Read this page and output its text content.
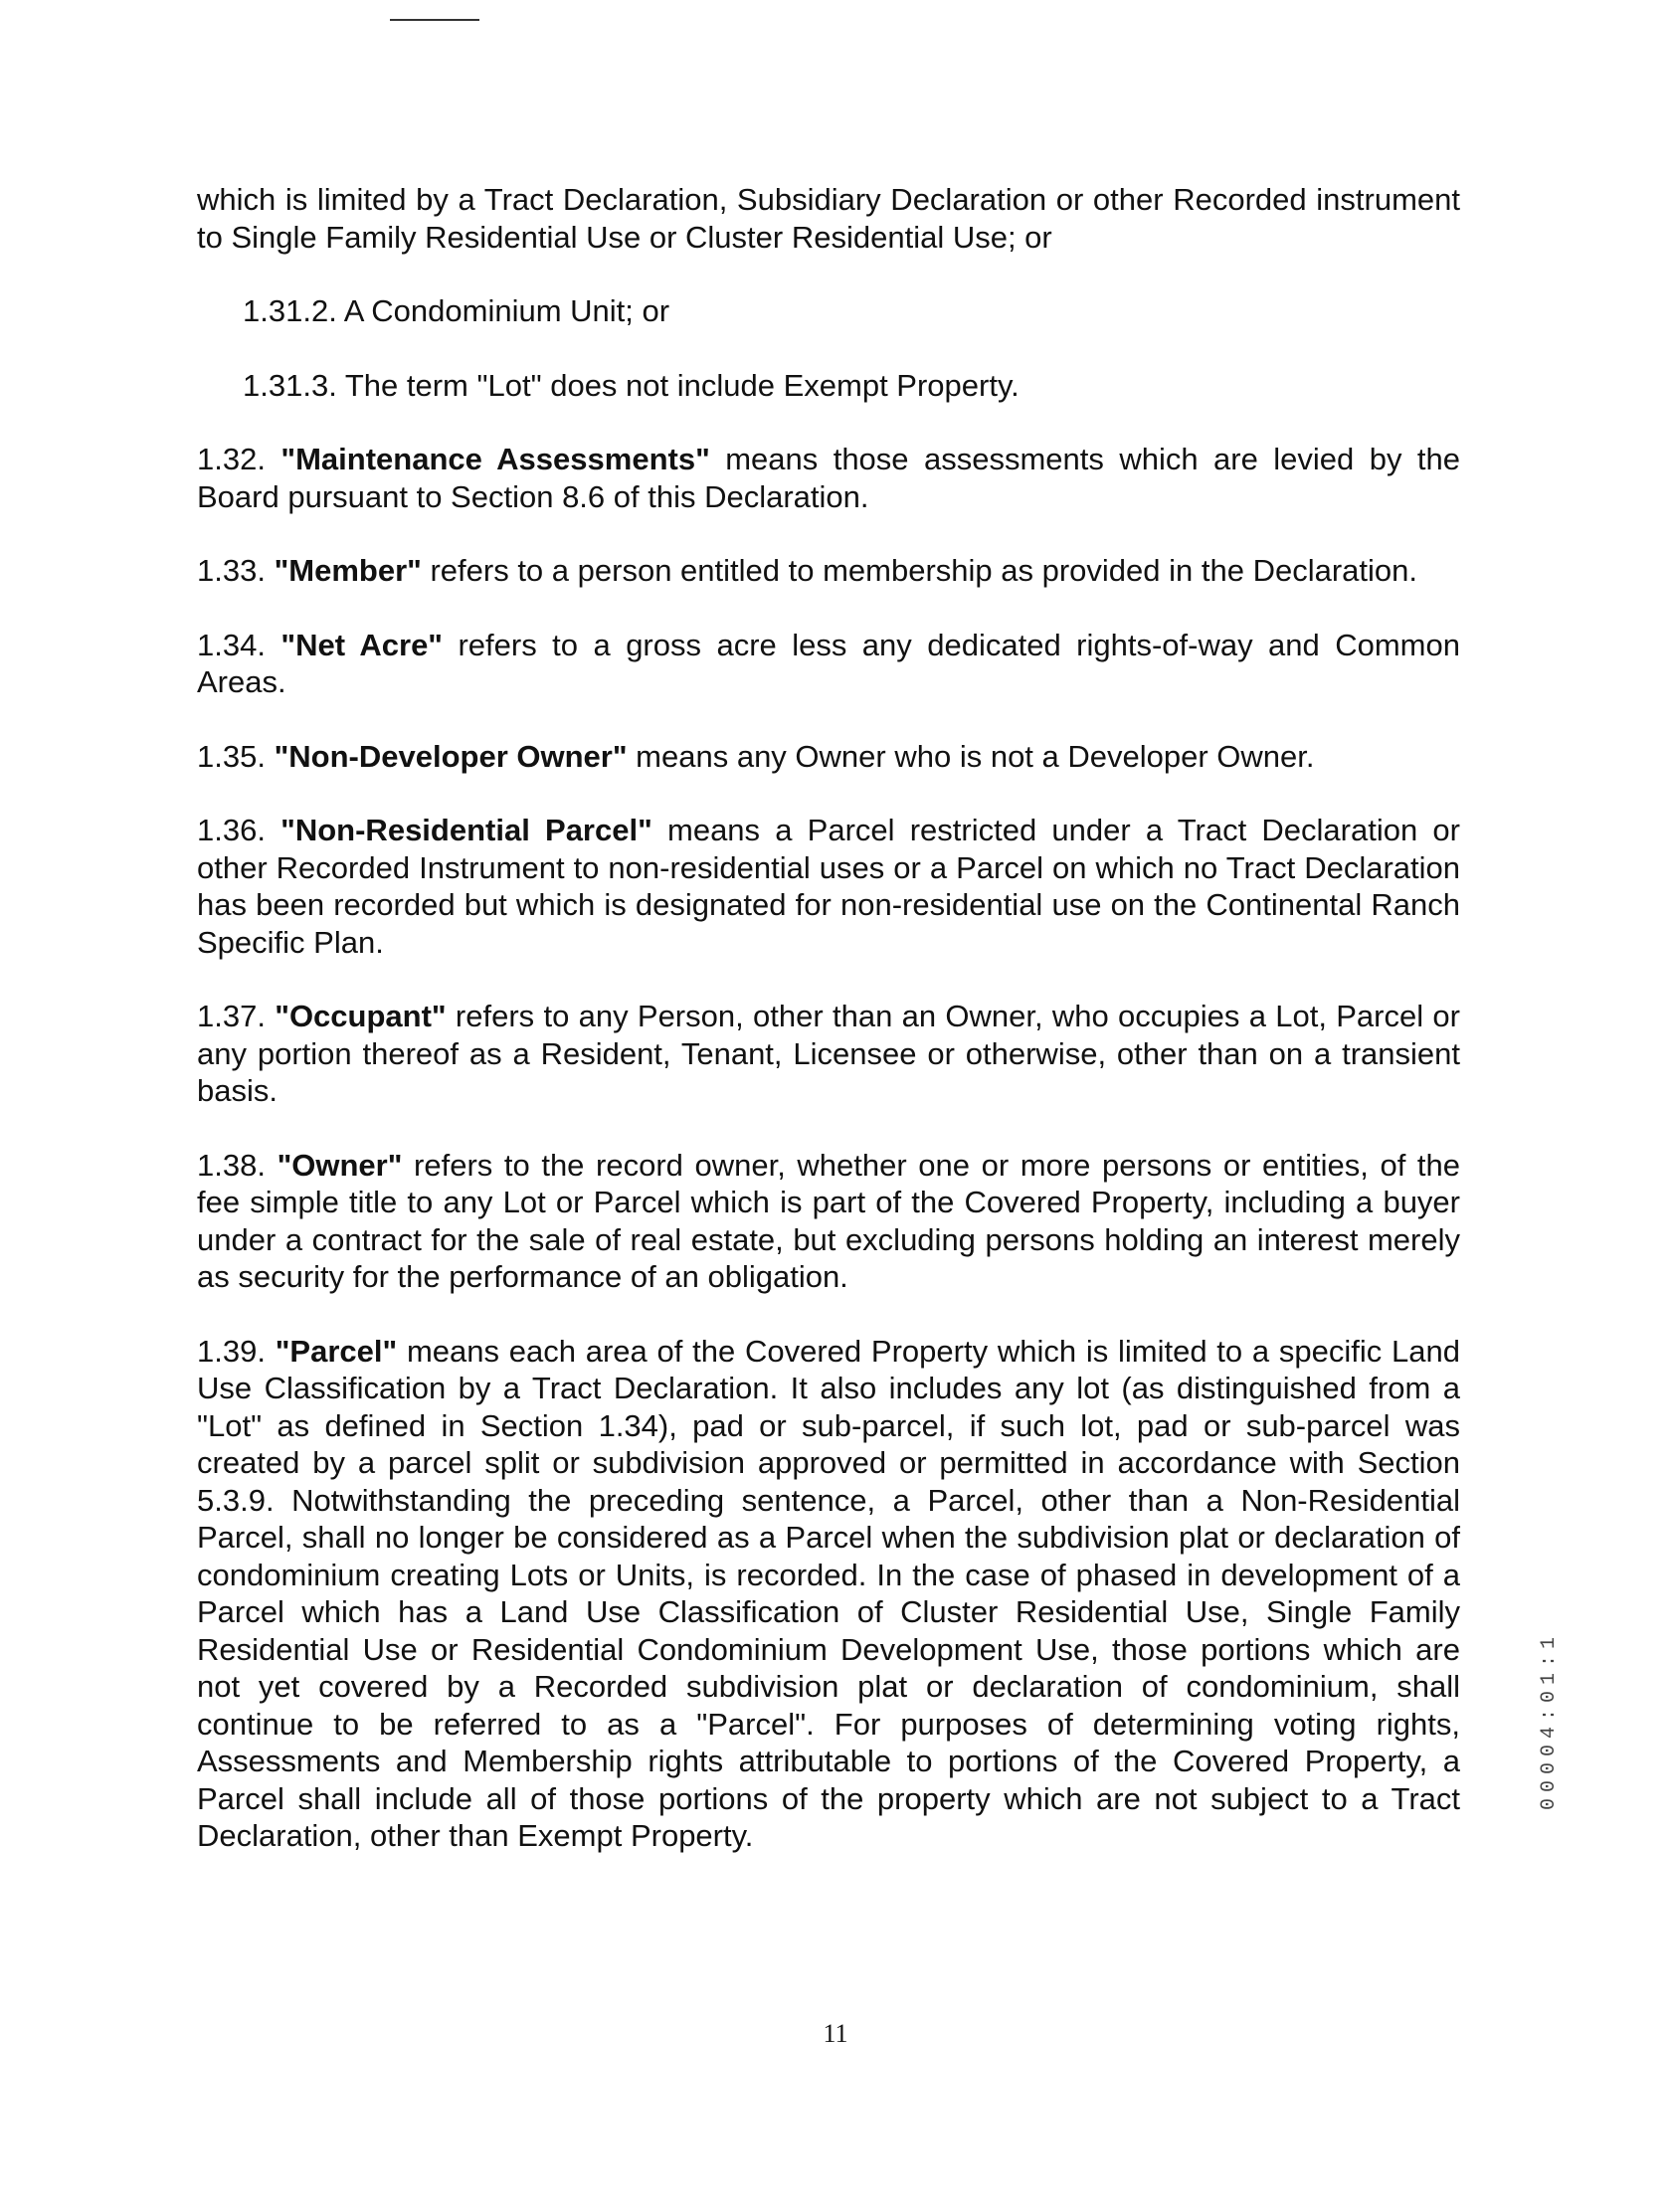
which is limited by a Tract Declaration, Subsidiary Declaration or other Recorded instrument to Single Family Residential Use or Cluster Residential Use; or

1.31.2. A Condominium Unit; or

1.31.3. The term "Lot" does not include Exempt Property.

1.32. "Maintenance Assessments" means those assessments which are levied by the Board pursuant to Section 8.6 of this Declaration.

1.33. "Member" refers to a person entitled to membership as provided in the Declaration.

1.34. "Net Acre" refers to a gross acre less any dedicated rights-of-way and Common Areas.

1.35. "Non-Developer Owner" means any Owner who is not a Developer Owner.

1.36. "Non-Residential Parcel" means a Parcel restricted under a Tract Declaration or other Recorded Instrument to non-residential uses or a Parcel on which no Tract Declaration has been recorded but which is designated for non-residential use on the Continental Ranch Specific Plan.

1.37. "Occupant" refers to any Person, other than an Owner, who occupies a Lot, Parcel or any portion thereof as a Resident, Tenant, Licensee or otherwise, other than on a transient basis.

1.38. "Owner" refers to the record owner, whether one or more persons or entities, of the fee simple title to any Lot or Parcel which is part of the Covered Property, including a buyer under a contract for the sale of real estate, but excluding persons holding an interest merely as security for the performance of an obligation.

1.39. "Parcel" means each area of the Covered Property which is limited to a specific Land Use Classification by a Tract Declaration. It also includes any lot (as distinguished from a "Lot" as defined in Section 1.34), pad or sub-parcel, if such lot, pad or sub-parcel was created by a parcel split or subdivision approved or permitted in accordance with Section 5.3.9. Notwithstanding the preceding sentence, a Parcel, other than a Non-Residential Parcel, shall no longer be considered as a Parcel when the subdivision plat or declaration of condominium creating Lots or Units, is recorded. In the case of phased in development of a Parcel which has a Land Use Classification of Cluster Residential Use, Single Family Residential Use or Residential Condominium Development Use, those portions which are not yet covered by a Recorded subdivision plat or declaration of condominium, shall continue to be referred to as a "Parcel". For purposes of determining voting rights, Assessments and Membership rights attributable to portions of the Covered Property, a Parcel shall include all of those portions of the property which are not subject to a Tract Declaration, other than Exempt Property.

00004:01:1
11
